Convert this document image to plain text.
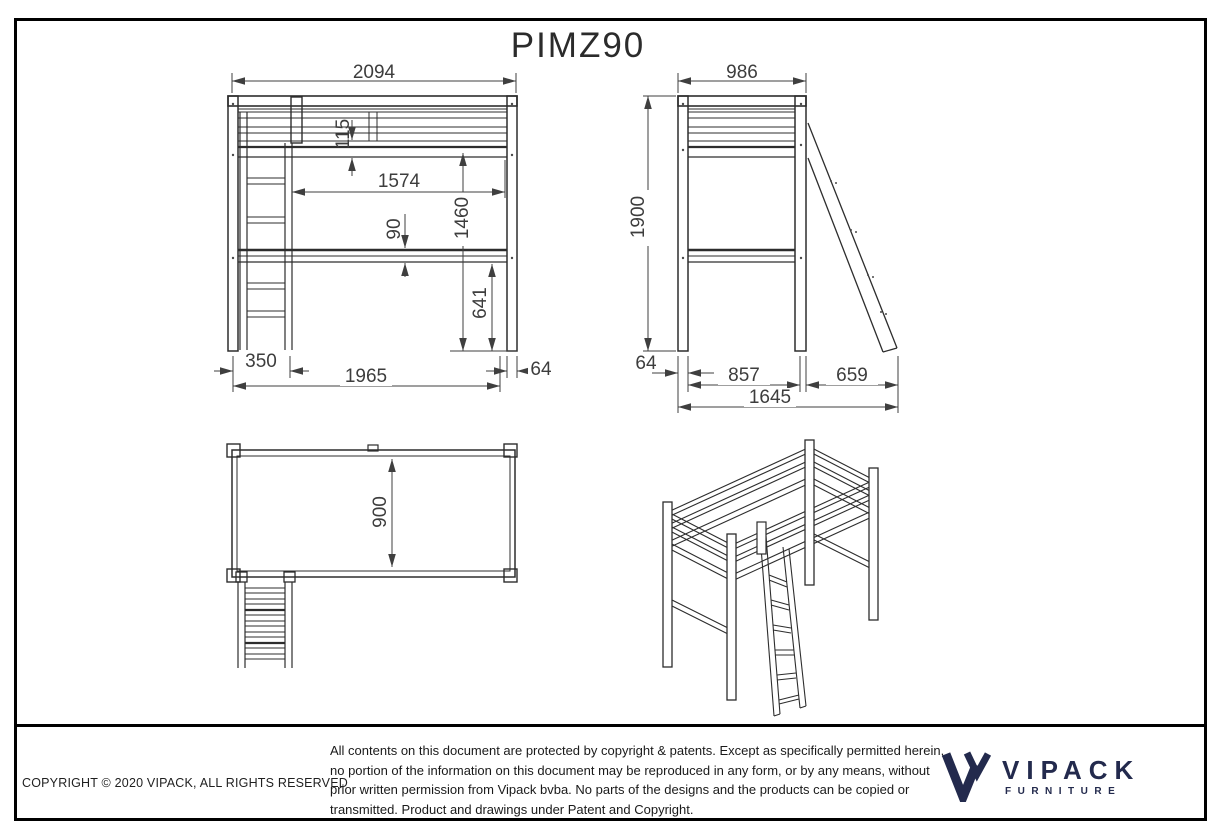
PIMZ90
2094
115
1574
1460
90
641
350
1965	64
986
1900
64
857	659
1645
900
COPYRIGHT © 2020 VIPACK, ALL RIGHTS RESERVED
All contents on this document are protected by copyright & patents. Except as specifically permitted herein,
no portion of the information on this document may be reproduced in any form, or by any means, without
prior written permission from Vipack bvba. No parts of the designs and the products can be copied or
transmitted. Product and drawings under Patent and Copyright.
VIPACK
FURNITURE
